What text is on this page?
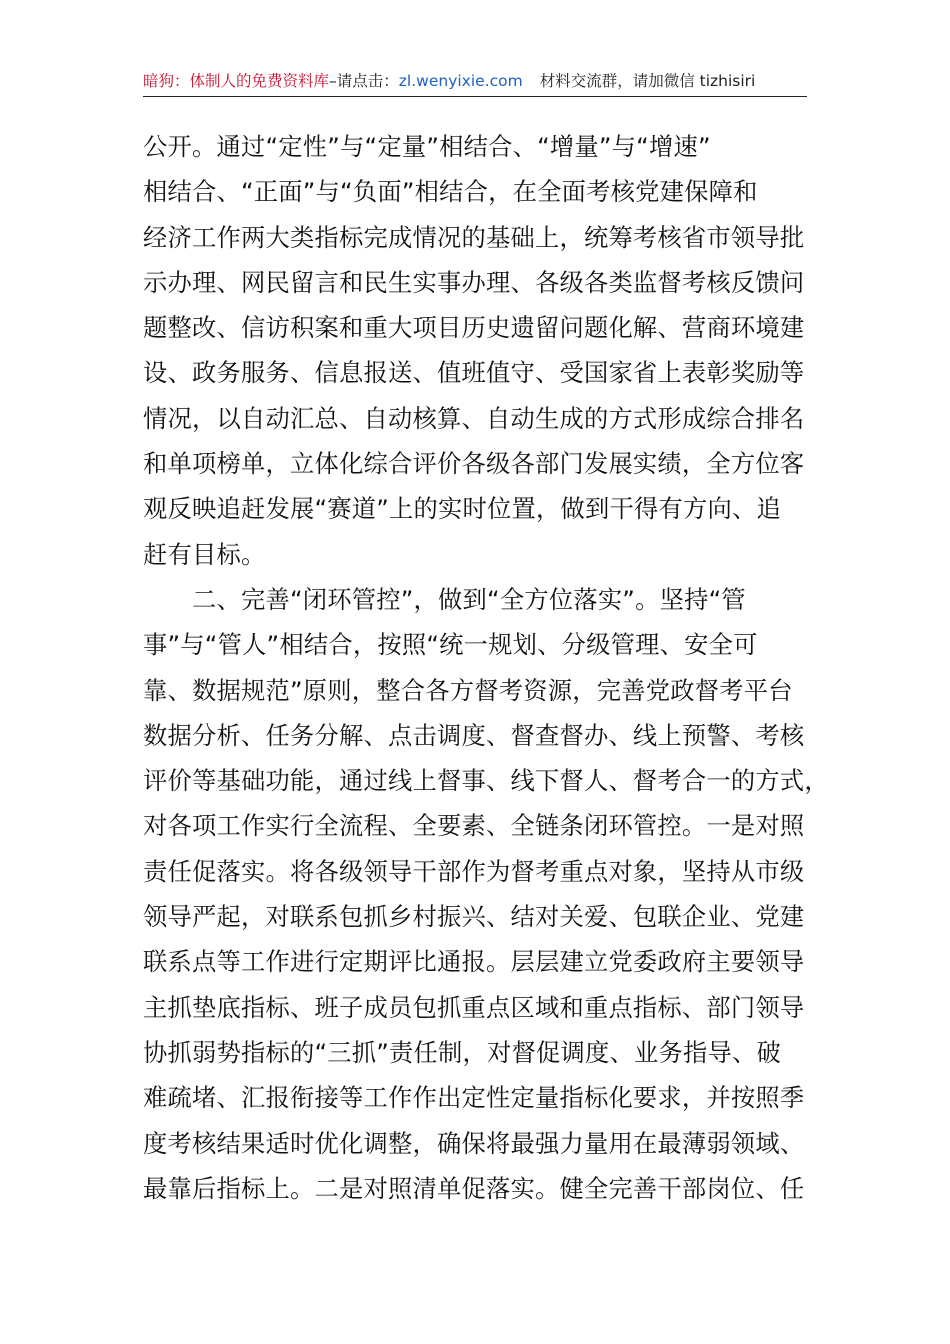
暗狗：体制人的免费资料库–请点击：zl.wenyixie.com 材料交流群，请加微信 tizhisiri
公开。通过“定性”与“定量”相结合、“增量”与“增速”
相结合、“正面”与“负面”相结合，在全面考核党建保障和
经济工作两大类指标完成情况的基础上，统筹考核省市领导批
示办理、网民留言和民生实事办理、各级各类监督考核反馈问
题整改、信访积案和重大项目历史遗留问题化解、营商环境建
设、政务服务、信息报送、值班值守、受国家省上表彰奖励等
情况，以自动汇总、自动核算、自动生成的方式形成综合排名
和单项榜单，立体化综合评价各级各部门发展实绩，全方位客
观反映追赶发展“赛道”上的实时位置，做到干得有方向、追
赶有目标。
二、完善“闭环管控”，做到“全方位落实”。坚持“管
事”与“管人”相结合，按照“统一规划、分级管理、安全可
靠、数据规范”原则，整合各方督考资源，完善党政督考平台
数据分析、任务分解、点击调度、督查督办、线上预警、考核
评价等基础功能，通过线上督事、线下督人、督考合一的方式，
对各项工作实行全流程、全要素、全链条闭环管控。一是对照
责任促落实。将各级领导干部作为督考重点对象，坚持从市级
领导严起，对联系包抓乡村振兴、结对关爱、包联企业、党建
联系点等工作进行定期评比通报。层层建立党委政府主要领导
主抓垫底指标、班子成员包抓重点区域和重点指标、部门领导
协抓弱势指标的“三抓”责任制，对督促调度、业务指导、破
难疏堵、汇报衔接等工作作出定性定量指标化要求，并按照季
度考核结果适时优化调整，确保将最强力量用在最薄弱领域、
最靠后指标上。二是对照清单促落实。健全完善干部岗位、任
